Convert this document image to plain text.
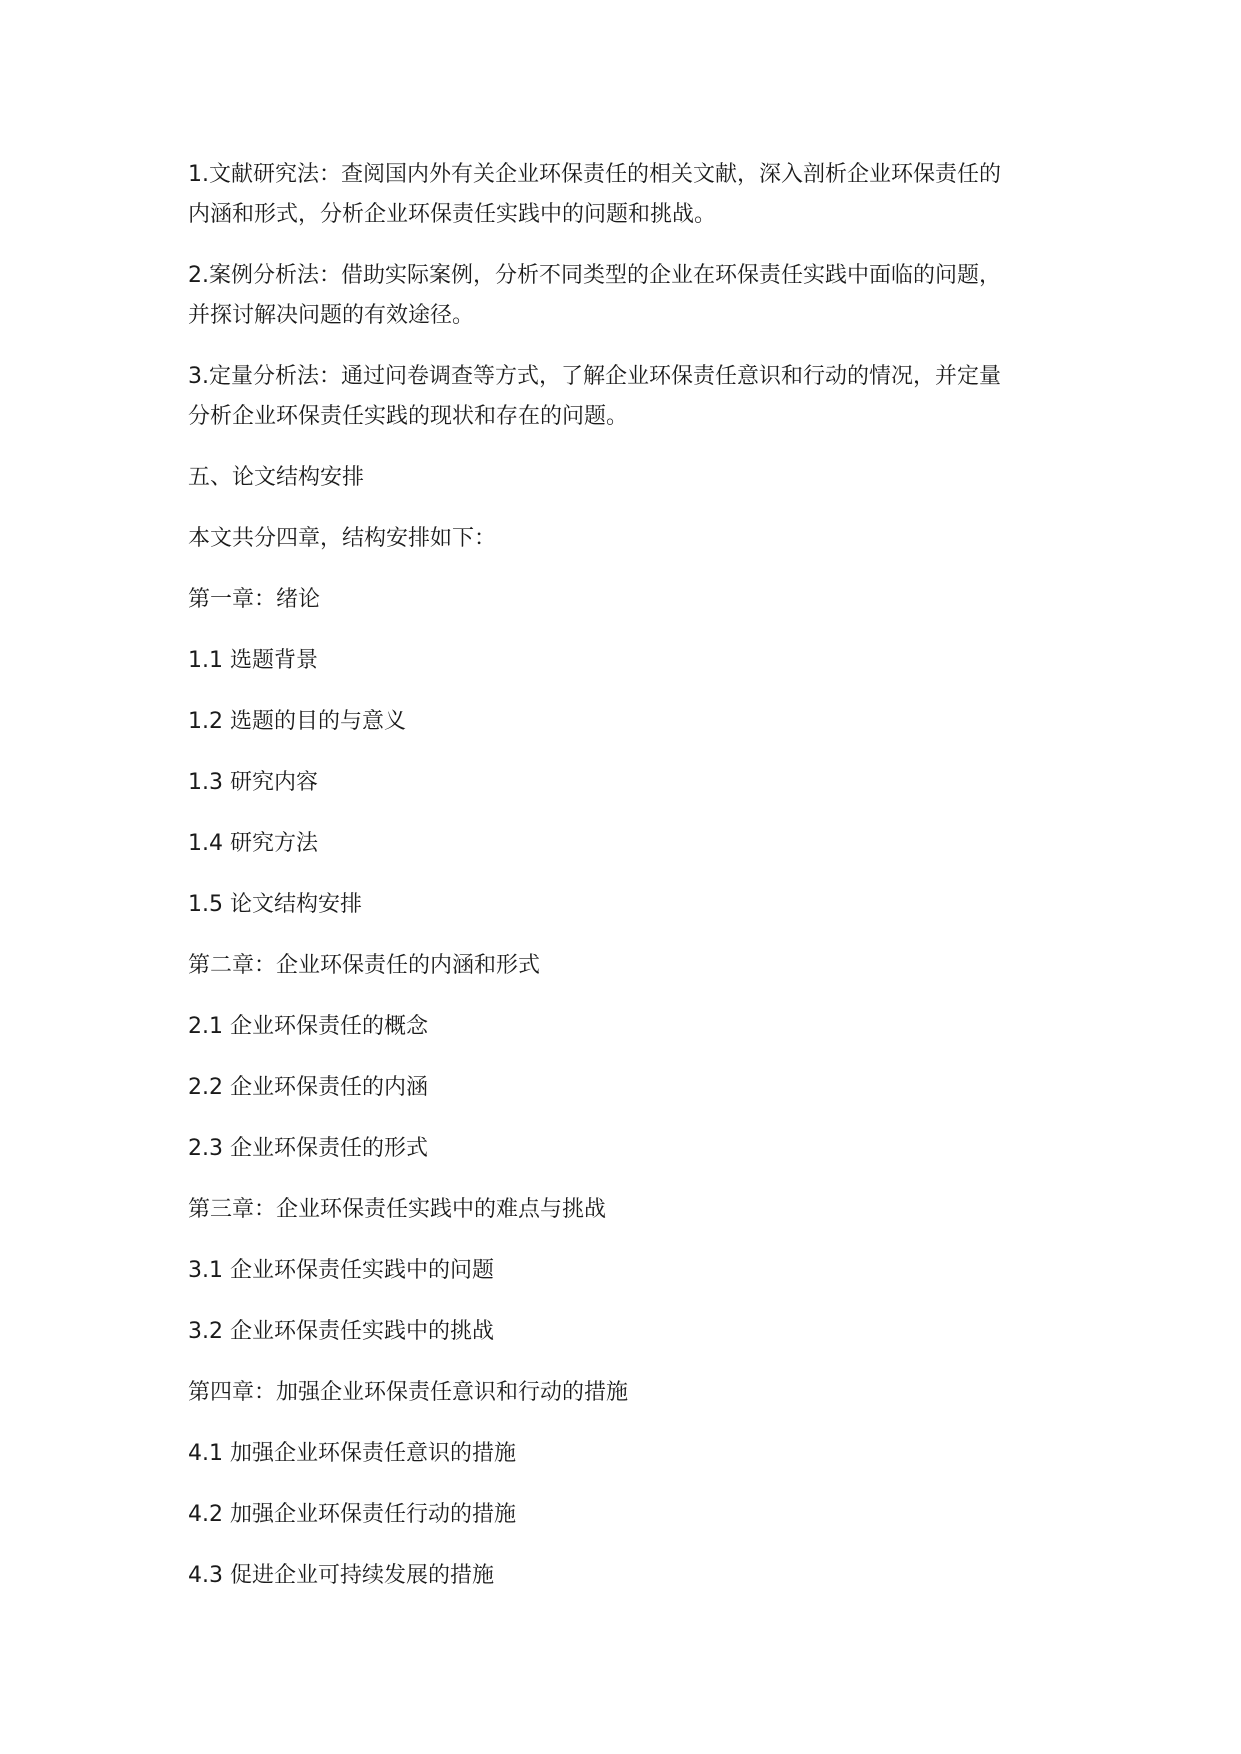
1.文献研究法：查阅国内外有关企业环保责任的相关文献，深入剖析企业环保责任的
内涵和形式，分析企业环保责任实践中的问题和挑战。
2.案例分析法：借助实际案例，分析不同类型的企业在环保责任实践中面临的问题，
并探讨解决问题的有效途径。
3.定量分析法：通过问卷调查等方式，了解企业环保责任意识和行动的情况，并定量
分析企业环保责任实践的现状和存在的问题。
五、论文结构安排
本文共分四章，结构安排如下：
第一章：绪论
1.1 选题背景
1.2 选题的目的与意义
1.3 研究内容
1.4 研究方法
1.5 论文结构安排
第二章：企业环保责任的内涵和形式
2.1 企业环保责任的概念
2.2 企业环保责任的内涵
2.3 企业环保责任的形式
第三章：企业环保责任实践中的难点与挑战
3.1 企业环保责任实践中的问题
3.2 企业环保责任实践中的挑战
第四章：加强企业环保责任意识和行动的措施
4.1 加强企业环保责任意识的措施
4.2 加强企业环保责任行动的措施
4.3 促进企业可持续发展的措施
